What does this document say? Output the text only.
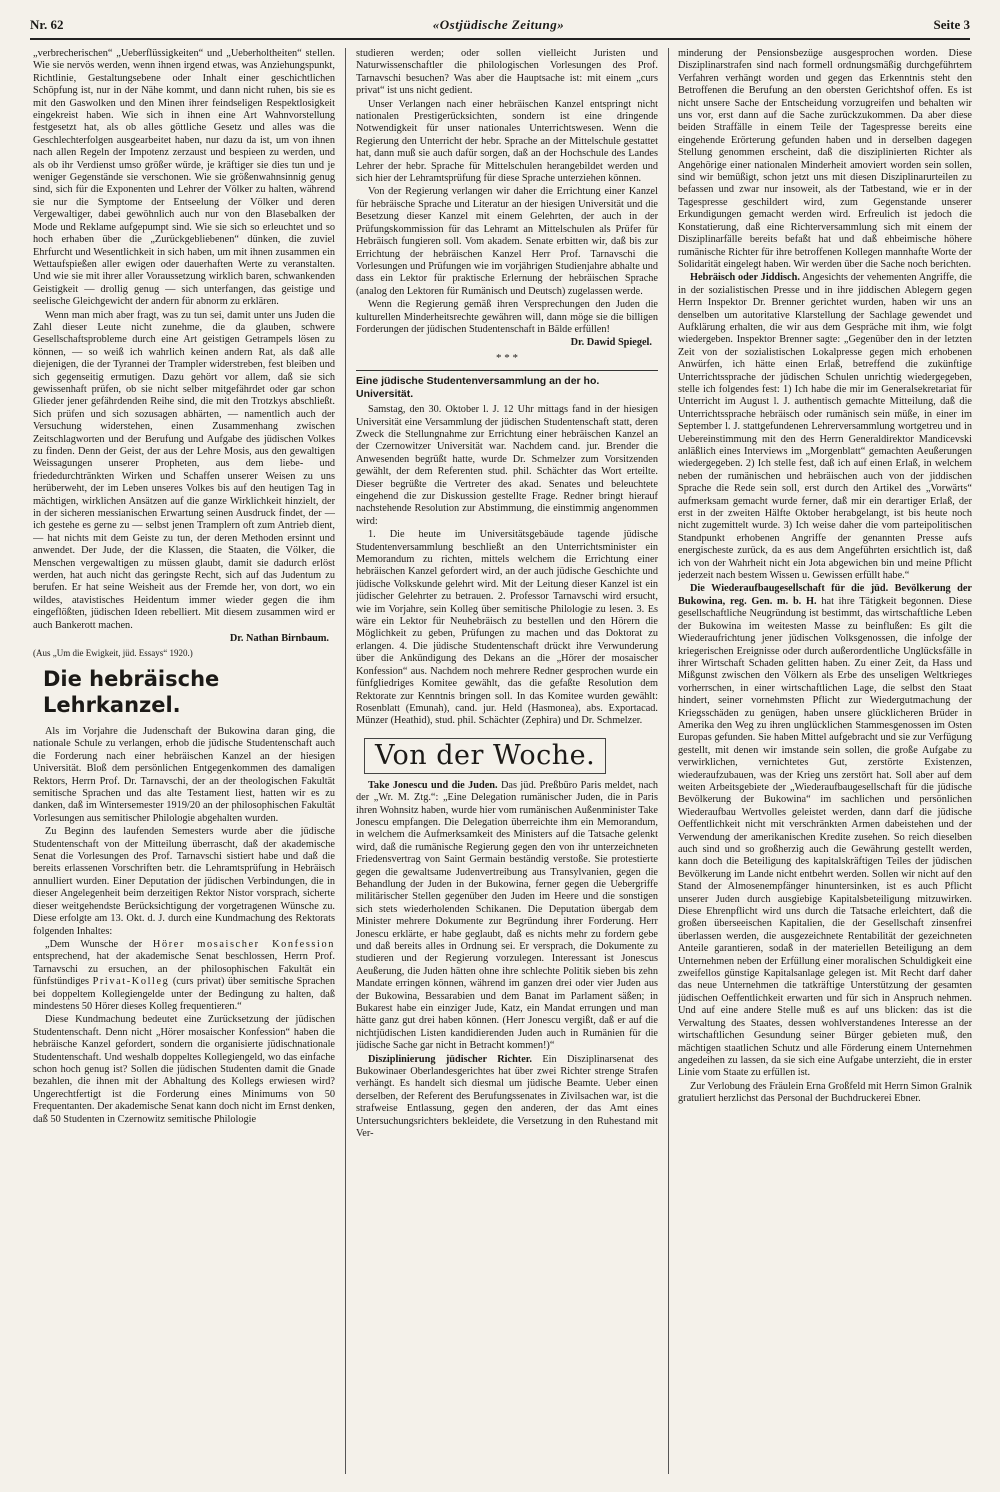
Nr. 62	«Ostjüdische Zeitung»	Seite 3

„verbrecherischen“ „Ueberflüssigkeiten“ und „Ueberholtheiten“ stellen. Wie sie nervös werden, wenn ihnen irgend etwas, was Anziehungspunkt, Richtlinie, Gestaltungsebene oder Inhalt einer geschichtlichen Schöpfung ist, nur in der Nähe kommt, und dann nicht ruhen, bis sie es mit den Gaswolken und den Minen ihrer feindseligen Respektlosigkeit eingekreist haben. Wie sich in ihnen eine Art Wahnvorstellung festgesetzt hat, als ob alles göttliche Gesetz und alles was die Geschlechterfolgen ausgearbeitet haben, nur dazu da ist, um von ihnen nach allen Regeln der Impotenz zerzaust und bespieen zu werden, und als ob ihr Verdienst umso größer würde, je kräftiger sie dies tun und je weniger Gegenstände sie verschonen. Wie sie größenwahnsinnig genug sind, sich für die Exponenten und Lehrer der Völker zu halten, während sie nur die Symptome der Entseelung der Völker und deren Vergewaltiger, dabei gewöhnlich auch nur von den Blasebalken der Mode und Reklame aufgepumpt sind. Wie sie sich so erleuchtet und so hoch erhaben über die „Zurückgebliebenen“ dünken, die zuviel Ehrfurcht und Wesentlichkeit in sich haben, um mit ihnen zusammen ein Wettaufspießen aller ewigen oder dauerhaften Werte zu veranstalten. Und wie sie mit ihrer aller Voraussetzung wirklich baren, schwankenden Geistigkeit — drollig genug — sich unterfangen, das geistige und seelische Gleichgewicht der andern für abnorm zu erklären.

Wenn man mich aber fragt, was zu tun sei, damit unter uns Juden die Zahl dieser Leute nicht zunehme, die da glauben, schwere Gesellschaftsprobleme durch eine Art geistigen Getrampels lösen zu können, — so weiß ich wahrlich keinen andern Rat, als daß alle diejenigen, die der Tyrannei der Trampler widerstreben, fest bleiben und sich gegenseitig ermutigen. Dazu gehört vor allem, daß sie sich gewissenhaft prüfen, ob sie nicht selber mitgefährdet oder gar schon Glieder jener gefährdenden Reihe sind, die mit den Trotzkys abschließt. Sich prüfen und sich sozusagen abhärten, — namentlich auch der Versuchung widerstehen, einen Zusammenhang zwischen Zeitschlagworten und der Berufung und Aufgabe des jüdischen Volkes zu finden. Denn der Geist, der aus der Lehre Mosis, aus den gewaltigen Weissagungen unserer Propheten, aus dem liebe- und friededurchtränkten Wirken und Schaffen unserer Weisen zu uns herüberweht, der im Leben unseres Volkes bis auf den heutigen Tag in mächtigen, wirklichen Ansätzen auf die ganze Wirklichkeit hinzielt, der in der sicheren messianischen Erwartung seinen Ausdruck findet, der — ich gestehe es gerne zu — selbst jenen Tramplern oft zum Antrieb dient, — hat nichts mit dem Geiste zu tun, der deren Methoden ersinnt und anwendet. Der Jude, der die Klassen, die Staaten, die Völker, die Menschen vergewaltigen zu müssen glaubt, damit sie dadurch erlöst werden, hat auch nicht das geringste Recht, sich auf das Judentum zu berufen. Er hat seine Weisheit aus der Fremde her, von dort, wo ein wildes, atavistisches Heidentum immer wieder gegen die ihm eingeflößten, jüdischen Ideen rebelliert. Mit diesem zusammen wird er auch Bankerott machen.

Dr. Nathan Birnbaum.

(Aus „Um die Ewigkeit, jüd. Essays“ 1920.)

Die hebräische Lehrkanzel.

Als im Vorjahre die Judenschaft der Bukowina daran ging, die nationale Schule zu verlangen, erhob die jüdische Studentenschaft auch die Forderung nach einer hebräischen Kanzel an der hiesigen Universität. Bloß dem persönlichen Entgegenkommen des damaligen Rektors, Herrn Prof. Dr. Tarnavschi, der an der theologischen Fakultät semitische Sprachen und das alte Testament liest, hatten wir es zu danken, daß im Wintersemester 1919/20 an der philosophischen Fakultät Vorlesungen aus semitischer Philologie abgehalten wurden.

Zu Beginn des laufenden Semesters wurde aber die jüdische Studentenschaft von der Mitteilung überrascht, daß der akademische Senat die Vorlesungen des Prof. Tarnavschi sistiert habe und daß die bereits erlassenen Vorschriften betr. die Lehramtsprüfung in Hebräisch annulliert wurden. Einer Deputation der jüdischen Verbindungen, die in dieser Angelegenheit beim derzeitigen Rektor Nistor vorsprach, sicherte dieser weitgehendste Berücksichtigung der vorgetragenen Wünsche zu. Diese erfolgte am 13. Okt. d. J. durch eine Kundmachung des Rektorats folgenden Inhaltes:

„Dem Wunsche der Hörer mosaischer Konfession entsprechend, hat der akademische Senat beschlossen, Herrn Prof. Tarnavschi zu ersuchen, an der philosophischen Fakultät ein fünfstündiges Privat-Kolleg (curs privat) über semitische Sprachen bei doppeltem Kollegiengelde unter der Bedingung zu halten, daß mindestens 50 Hörer dieses Kolleg frequentieren.“

Diese Kundmachung bedeutet eine Zurücksetzung der jüdischen Studentenschaft. Denn nicht „Hörer mosaischer Konfession“ haben die hebräische Kanzel gefordert, sondern die organisierte jüdischnationale Studentenschaft. Und weshalb doppeltes Kollegiengeld, wo das einfache schon hoch genug ist? Sollen die jüdischen Studenten damit die Gnade bezahlen, die ihnen mit der Abhaltung des Kollegs erwiesen wird? Ungerechtfertigt ist die Forderung eines Minimums von 50 Frequentanten. Der akademische Senat kann doch nicht im Ernst denken, daß 50 Studenten in Czernowitz semitische Philologie

studieren werden; oder sollen vielleicht Juristen und Naturwissenschaftler die philologischen Vorlesungen des Prof. Tarnavschi besuchen? Was aber die Hauptsache ist: mit einem „curs privat“ ist uns nicht gedient.

Unser Verlangen nach einer hebräischen Kanzel entspringt nicht nationalen Prestigerücksichten, sondern ist eine dringende Notwendigkeit für unser nationales Unterrichtswesen. Wenn die Regierung den Unterricht der hebr. Sprache an der Mittelschule gestattet hat, dann muß sie auch dafür sorgen, daß an der Hochschule des Landes Lehrer der hebr. Sprache für Mittelschulen herangebildet werden und sich hier der Lehramtsprüfung für diese Sprache unterziehen können.

Von der Regierung verlangen wir daher die Errichtung einer Kanzel für hebräische Sprache und Literatur an der hiesigen Universität und die Besetzung dieser Kanzel mit einem Gelehrten, der auch in der Prüfungskommission für das Lehramt an Mittelschulen als Prüfer für Hebräisch fungieren soll. Vom akadem. Senate erbitten wir, daß bis zur Errichtung der hebräischen Kanzel Herr Prof. Tarnavschi die Vorlesungen und Prüfungen wie im vorjährigen Studienjahre abhalte und dass ein Lektor für praktische Erlernung der hebräischen Sprache (analog den Lektoren für Rumänisch und Deutsch) zugelassen werde.

Wenn die Regierung gemäß ihren Versprechungen den Juden die kulturellen Minderheitsrechte gewähren will, dann möge sie die billigen Forderungen der jüdischen Studentenschaft in Bälde erfüllen!

Dr. Dawid Spiegel.

* * *
Eine jüdische Studentenversammlung an der ho. Universität.

Samstag, den 30. Oktober l. J. 12 Uhr mittags fand in der hiesigen Universität eine Versammlung der jüdischen Studentenschaft statt, deren Zweck die Stellungnahme zur Errichtung einer hebräischen Kanzel an der Czernowitzer Universität war. Nachdem cand. jur. Brender die Anwesenden begrüßt hatte, wurde Dr. Schmelzer zum Vorsitzenden gewählt, der dem Referenten stud. phil. Schächter das Wort erteilte. Dieser begrüßte die Vertreter des akad. Senates und beleuchtete eingehend die zur Diskussion gestellte Frage. Redner bringt hierauf nachstehende Resolution zur Abstimmung, die einstimmig angenommen wird:

1. Die heute im Universitätsgebäude tagende jüdische Studentenversammlung beschließt an den Unterrichtsminister ein Memorandum zu richten, mittels welchem die Errichtung einer hebräischen Kanzel gefordert wird, an der auch jüdische Geschichte und jüdische Volkskunde gelehrt wird. Mit der Leitung dieser Kanzel ist ein jüdischer Gelehrter zu betrauen. 2. Professor Tarnavschi wird ersucht, wie im Vorjahre, sein Kolleg über semitische Philologie zu lesen. 3. Es wäre ein Lektor für Neuhebräisch zu bestellen und den Hörern die Möglichkeit zu geben, Prüfungen zu machen und das Doktorat zu erlangen. 4. Die jüdische Studentenschaft drückt ihre Verwunderung über die Ankündigung des Dekans an die „Hörer der mosaischer Konfession“ aus. Nachdem noch mehrere Redner gesprochen wurde ein fünfgliedriges Komitee gewählt, das die gefaßte Resolution dem Rektorate zur Kenntnis bringen soll. In das Komitee wurden gewählt: Rosenblatt (Emunah), cand. jur. Held (Hasmonea), abs. Exportacad. Münzer (Heathid), stud. phil. Schächter (Zephira) und Dr. Schmelzer.

Von der Woche.

Take Jonescu und die Juden. Das jüd. Preßbüro Paris meldet, nach der „Wr. M. Ztg.“: „Eine Delegation rumänischer Juden, die in Paris ihren Wohnsitz haben, wurde hier vom rumänischen Außenminister Take Jonescu empfangen. Die Delegation überreichte ihm ein Memorandum, in welchem die Aufmerksamkeit des Ministers auf die Tatsache gelenkt wird, daß die rumänische Regierung gegen den von ihr unterzeichneten Friedensvertrag von Saint Germain beständig verstoße. Sie protestierte gegen die gewaltsame Judenvertreibung aus Transylvanien, gegen die Behandlung der Juden in der Bukowina, ferner gegen die Uebergriffe militärischer Stellen gegenüber den Juden im Heere und die sonstigen sich stets wiederholenden Schikanen. Die Deputation übergab dem Minister mehrere Dokumente zur Begründung ihrer Forderung. Herr Jonescu erklärte, er habe geglaubt, daß es nichts mehr zu fordern gebe und daß bereits alles in Ordnung sei. Er versprach, die Dokumente zu studieren und der Regierung vorzulegen. Interessant ist Jonescus Aeußerung, die Juden hätten ohne ihre schlechte Politik sieben bis zehn Mandate erringen können, während im ganzen drei oder vier Juden aus der Bukowina, Bessarabien und dem Banat im Parlament säßen; in Bukarest habe ein einziger Jude, Katz, ein Mandat errungen und man hätte ganz gut drei haben können. (Herr Jonescu vergißt, daß er auf die nichtjüdischen Listen kandidierenden Juden auch in Rumänien für die jüdische Sache gar nicht in Betracht kommen!)“

Disziplinierung jüdischer Richter. Ein Disziplinarsenat des Bukowinaer Oberlandesgerichtes hat über zwei Richter strenge Strafen verhängt. Es handelt sich diesmal um jüdische Beamte. Ueber einen derselben, der Referent des Berufungssenates in Zivilsachen war, ist die strafweise Entlassung, gegen den anderen, der das Amt eines Untersuchungsrichters bekleidete, die Versetzung in den Ruhestand mit Ver-

minderung der Pensionsbezüge ausgesprochen worden. Diese Disziplinarstrafen sind nach formell ordnungsmäßig durchgeführtem Verfahren verhängt worden und gegen das Erkenntnis steht den Betroffenen die Berufung an den obersten Gerichtshof offen. Es ist nicht unsere Sache der Entscheidung vorzugreifen und behalten wir uns vor, erst dann auf die Sache zurückzukommen. Da aber diese beiden Straffälle in einem Teile der Tagespresse bereits eine eingehende Erörterung gefunden haben und in derselben dagegen Stellung genommen erscheint, daß die disziplinierten Richter als Angehörige einer nationalen Minderheit amoviert worden sein sollen, sind wir bemüßigt, schon jetzt uns mit diesen Disziplinarurteilen zu befassen und zwar nur insoweit, als der Tatbestand, wie er in der Tagespresse geschildert wird, zum Gegenstande unserer Erkundigungen gemacht werden wird. Erfreulich ist jedoch die Konstatierung, daß eine Richterversammlung sich mit einem der Disziplinarfälle bereits befaßt hat und daß ehbeimische höhere rumänische Richter für ihre betroffenen Kollegen mannhafte Worte der Solidarität eingelegt haben. Wir werden über die Sache noch berichten.

Hebräisch oder Jiddisch. Angesichts der vehementen Angriffe, die in der sozialistischen Presse und in ihre jiddischen Ablegern gegen Herrn Inspektor Dr. Brenner gerichtet wurden, haben wir uns an denselben um autoritative Klarstellung der Sachlage gewendet und Aufklärung erhalten, die wir aus dem Gespräche mit ihm, wie folgt wiedergeben. Inspektor Brenner sagte: „Gegenüber den in der letzten Zeit von der sozialistischen Lokalpresse gegen mich erhobenen Anwürfen, ich hätte einen Erlaß, betreffend die zukünftige Unterrichtssprache der jüdischen Schulen unrichtig wiedergegeben, stelle ich folgendes fest: 1) Ich habe die mir im Generalsekretariat für Unterricht im August l. J. authentisch gemachte Mitteilung, daß die Unterrichtssprache hebräisch oder rumänisch sein müße, in einer im September l. J. stattgefundenen Lehrerversammlung wortgetreu und in Uebereinstimmung mit den des Herrn Generaldirektor Mandicevski anläßlich eines Interviews im „Morgenblatt“ gemachten Aeußerungen wiedergegeben. 2) Ich stelle fest, daß ich auf einen Erlaß, in welchem neben der rumänischen und hebräischen auch von der jiddischen Sprache die Rede sein soll, erst durch den Artikel des „Vorwärts“ aufmerksam gemacht wurde ferner, daß mir ein derartiger Erlaß, der erst in der zweiten Hälfte Oktober herabgelangt, ist bis heute noch nicht zugemittelt wurde. 3) Ich weise daher die vom parteipolitischen Standpunkt erhobenen Angriffe der genannten Presse aufs energischeste zurück, da es aus dem Angeführten ersichtlich ist, daß ich von der Wahrheit nicht ein Jota abgewichen bin und meine Pflicht jederzeit nach bestem Wissen u. Gewissen erfüllt habe.“

Die Wiederaufbaugesellschaft für die jüd. Bevölkerung der Bukowina, reg. Gen. m. b. H. hat ihre Tätigkeit begonnen. Diese gesellschaftliche Neugründung ist bestimmt, das wirtschaftliche Leben der Bukowina im weitesten Masse zu beinflußen: Es gilt die Wiederaufrichtung jener jüdischen Volksgenossen, die infolge der kriegerischen Ereignisse oder durch außerordentliche Unglücksfälle in ihrer Wirtschaft Schaden gelitten haben. Zu einer Zeit, da Hass und Mißgunst zwischen den Völkern als Erbe des unseligen Weltkrieges vorherrschen, in einer wirtschaftlichen Lage, die selbst den Staat hindert, seiner vornehmsten Pflicht zur Wiedergutmachung der Kriegsschäden zu genügen, haben unsere glücklicheren Brüder in Amerika den Weg zu ihren unglücklichen Stammesgenossen im Osten Europas gefunden. Sie haben Mittel aufgebracht und sie zur Verfügung gestellt, mit denen wir imstande sein sollen, die große Aufgabe zu verwirklichen, vernichtetes Gut, zerstörte Existenzen, wiederaufzubauen, was der Krieg uns zerstört hat. Soll aber auf dem weiten Arbeitsgebiete der „Wiederaufbaugesellschaft für die jüdische Bevölkerung der Bukowina“ im sachlichen und persönlichen Wiederaufbau Wertvolles geleistet werden, dann darf die jüdische Oeffentlichkeit nicht mit verschränkten Armen dabeistehen und der Verwendung der amerikanischen Kredite zusehen. So reich dieselben auch sind und so großherzig auch die Gewährung gestellt werden, kann doch die Beteiligung des kapitalskräftigen Teiles der jüdischen Bevölkerung im Lande nicht entbehrt werden. Sollen wir nicht auf den Stand der Almosenempfänger hinuntersinken, ist es auch Pflicht unserer Juden durch ausgiebige Kapitalsbeteiligung mitzuwirken. Diese Ehrenpflicht wird uns durch die Tatsache erleichtert, daß die großen überseeischen Kapitalien, die der Gesellschaft zinsenfrei überlassen werden, die ausgezeichnete Rentabilität der gezeichneten Anteile garantieren, sodaß in der materiellen Beteiligung an dem Unternehmen neben der Erfüllung einer moralischen Schuldigkeit eine zweifellos günstige Kapitalsanlage gelegen ist. Mit Recht darf daher das neue Unternehmen die tatkräftige Unterstützung der gesamten jüdischen Oeffentlichkeit erwarten und für sich in Anspruch nehmen. Und auf eine andere Stelle muß es auf uns blicken: das ist die Verwaltung des Staates, dessen wohlverstandenes Interesse an der wirtschaftlichen Gesundung seiner Bürger gebieten muß, den mächtigen staatlichen Schutz und alle Förderung einem Unternehmen angedeihen zu lassen, da sie sich eine Aufgabe unterzieht, die in erster Linie vom Staate zu erfüllen ist.

Zur Verlobung des Fräulein Erna Großfeld mit Herrn Simon Gralnik gratuliert herzlichst das Personal der Buchdruckerei Ebner.
